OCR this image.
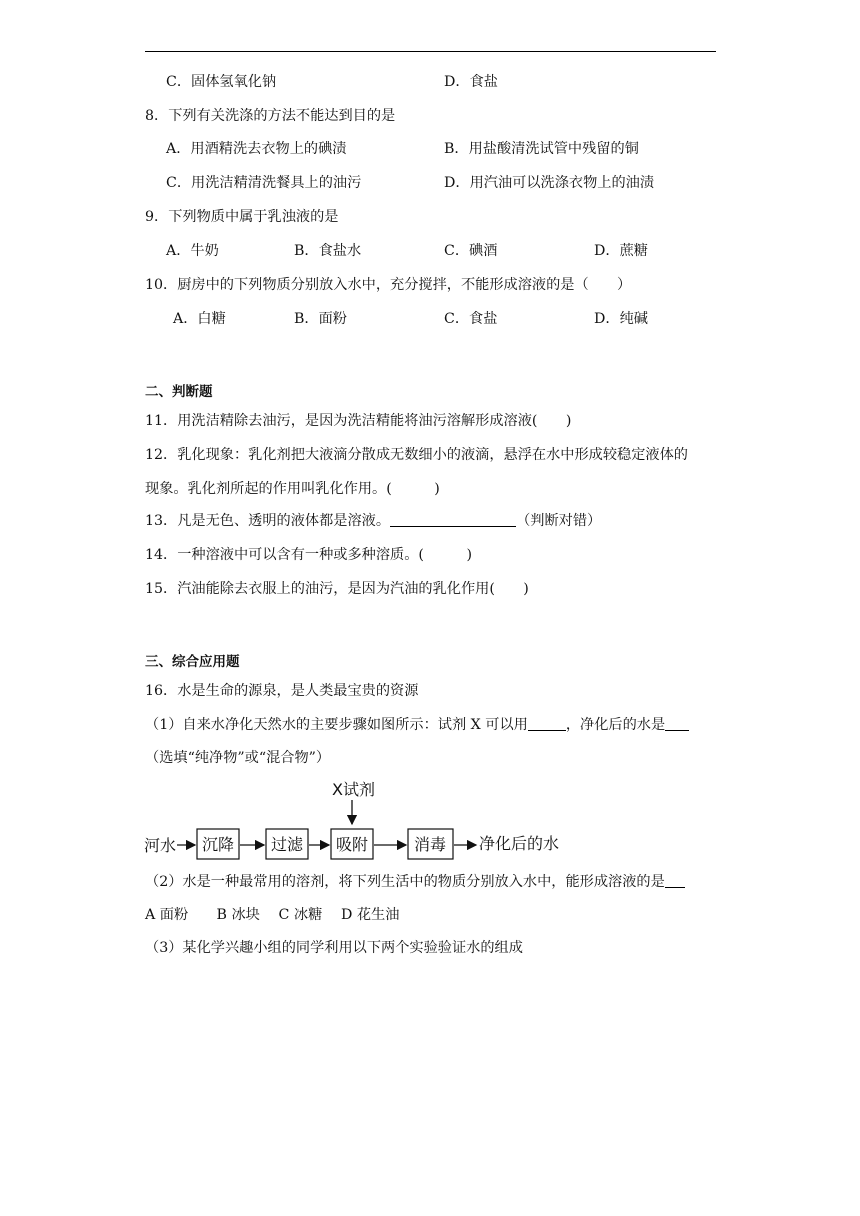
C．固体氢氧化钠	D．食盐
8．下列有关洗涤的方法不能达到目的是
A．用酒精洗去衣物上的碘渍	B．用盐酸清洗试管中残留的铜
C．用洗洁精清洗餐具上的油污	D．用汽油可以洗涤衣物上的油渍
9．下列物质中属于乳浊液的是
A．牛奶	B．食盐水	C．碘酒	D．蔗糖
10．厨房中的下列物质分别放入水中，充分搅拌，不能形成溶液的是（　　）
A．白糖	B．面粉	C．食盐	D．纯碱
二、判断题
11．用洗洁精除去油污，是因为洗洁精能将油污溶解形成溶液(　　)
12．乳化现象：乳化剂把大液滴分散成无数细小的液滴，悬浮在水中形成较稳定液体的
现象。乳化剂所起的作用叫乳化作用。(　　　)
13．凡是无色、透明的液体都是溶液。	（判断对错）
14．一种溶液中可以含有一种或多种溶质。(　　　)
15．汽油能除去衣服上的油污，是因为汽油的乳化作用(　　)
三、综合应用题
16．水是生命的源泉，是人类最宝贵的资源
（1）自来水净化天然水的主要步骤如图所示：试剂 X 可以用	，净化后的水是
（选填“纯净物”或“混合物”）
X试剂
河水 沉降 过滤 吸附	消毒 净化后的水
（2）水是一种最常用的溶剂，将下列生活中的物质分别放入水中，能形成溶液的是
A 面粉　　B 冰块　 C 冰糖　 D 花生油
（3）某化学兴趣小组的同学利用以下两个实验验证水的组成
